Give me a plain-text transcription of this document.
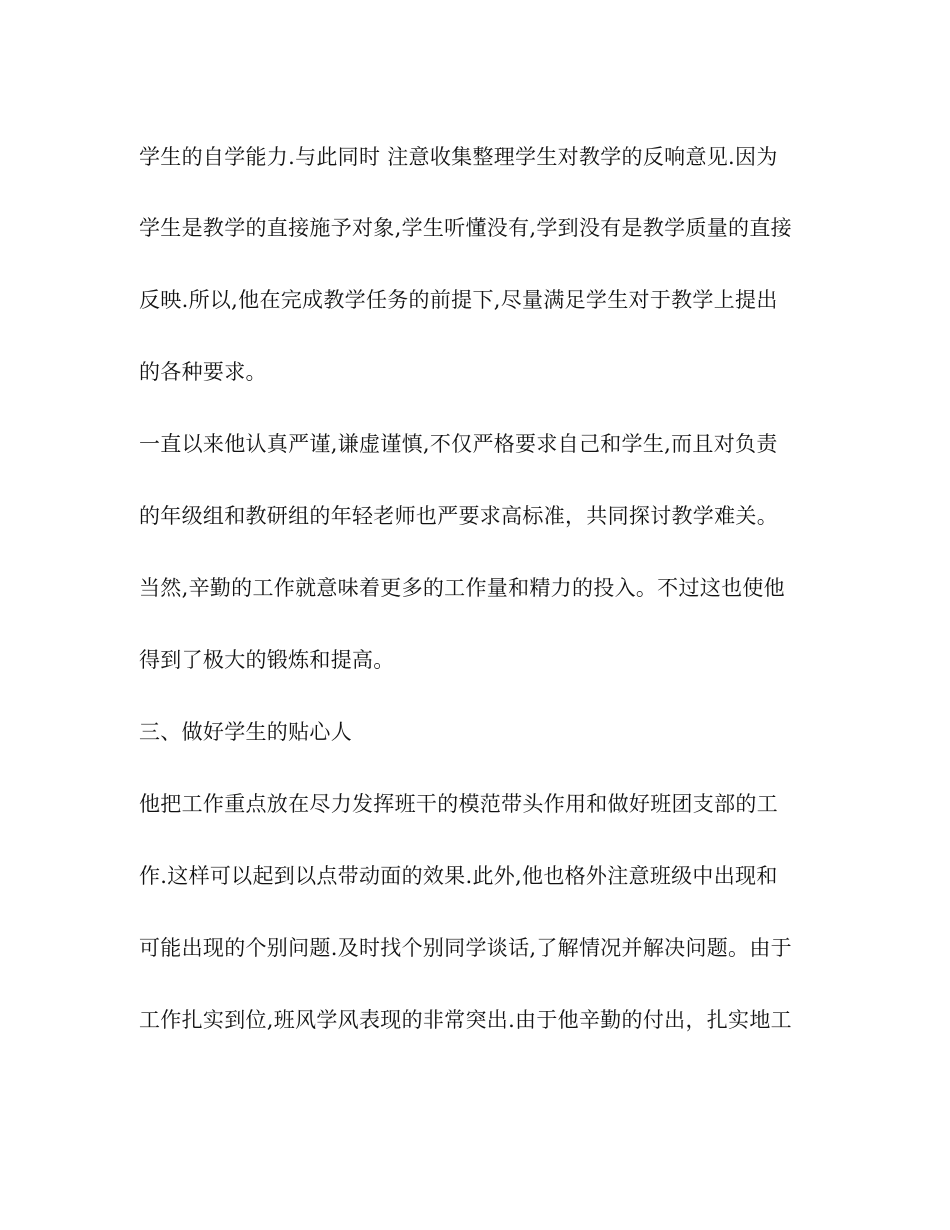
学生的自学能力.与此同时 注意收集整理学生对教学的反响意见.因为
学生是教学的直接施予对象,学生听懂没有,学到没有是教学质量的直接
反映.所以,他在完成教学任务的前提下,尽量满足学生对于教学上提出
的各种要求。
一直以来他认真严谨,谦虚谨慎,不仅严格要求自己和学生,而且对负责
的年级组和教研组的年轻老师也严要求高标准，共同探讨教学难关。
当然,辛勤的工作就意味着更多的工作量和精力的投入。不过这也使他
得到了极大的锻炼和提高。
三、做好学生的贴心人
他把工作重点放在尽力发挥班干的模范带头作用和做好班团支部的工
作.这样可以起到以点带动面的效果.此外,他也格外注意班级中出现和
可能出现的个别问题.及时找个别同学谈话,了解情况并解决问题。由于
工作扎实到位,班风学风表现的非常突出.由于他辛勤的付出，扎实地工
